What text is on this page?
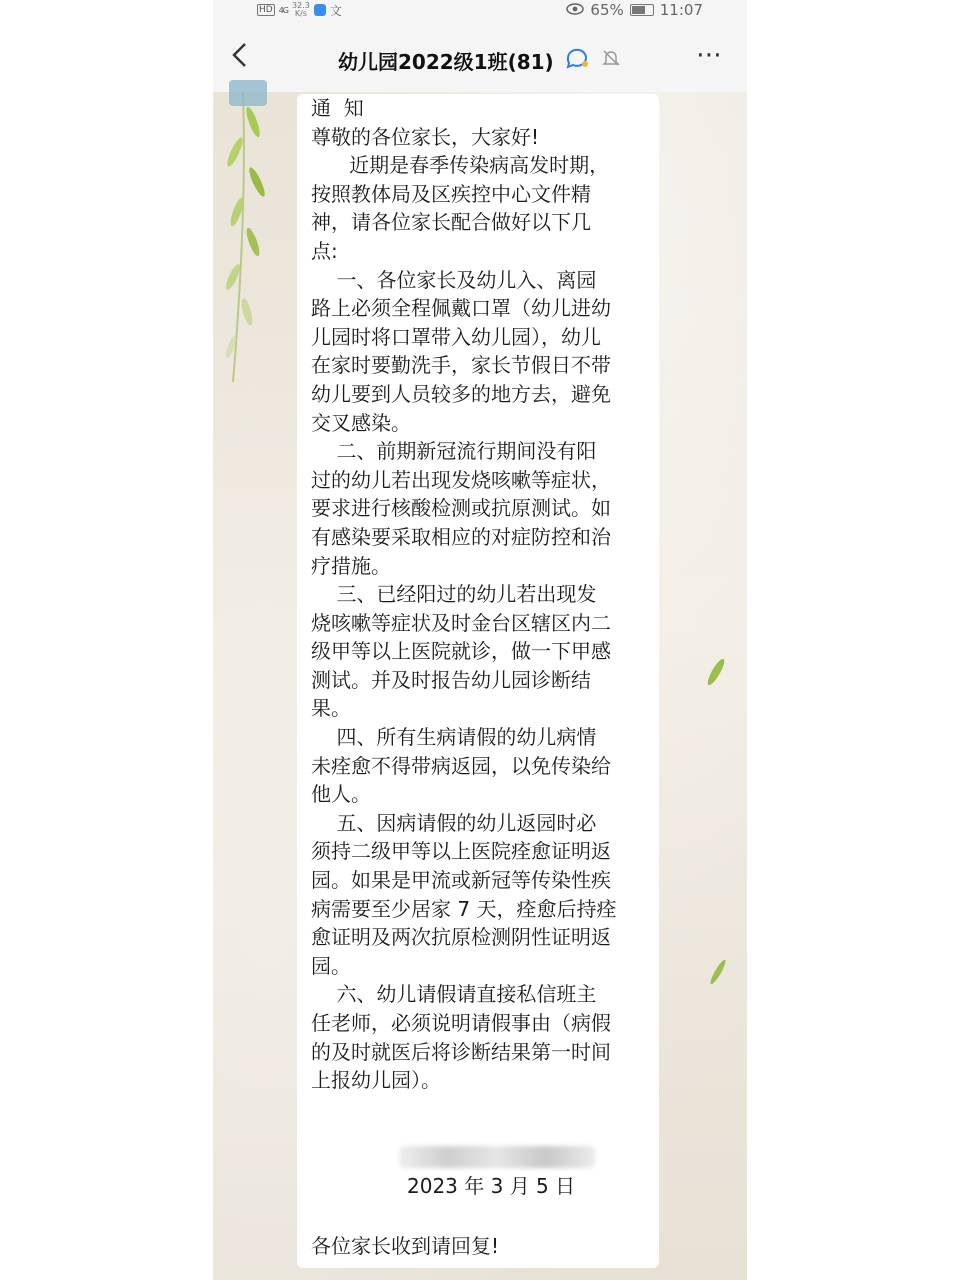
HD 4G 32.3
K/s 文	65% 11:07
幼儿园2022级1班(81)	⋯
通  知
尊敬的各位家长，大家好!
近期是春季传染病高发时期，
按照教体局及区疾控中心文件精
神，请各位家长配合做好以下几
点:
一、各位家长及幼儿入、离园
路上必须全程佩戴口罩（幼儿进幼
儿园时将口罩带入幼儿园），幼儿
在家时要勤洗手，家长节假日不带
幼儿要到人员较多的地方去，避免
交叉感染。
二、前期新冠流行期间没有阳
过的幼儿若出现发烧咳嗽等症状，
要求进行核酸检测或抗原测试。如
有感染要采取相应的对症防控和治
疗措施。
三、已经阳过的幼儿若出现发
烧咳嗽等症状及时金台区辖区内二
级甲等以上医院就诊，做一下甲感
测试。并及时报告幼儿园诊断结
果。
四、所有生病请假的幼儿病情
未痊愈不得带病返园，以免传染给
他人。
五、因病请假的幼儿返园时必
须持二级甲等以上医院痊愈证明返
园。如果是甲流或新冠等传染性疾
病需要至少居家 7 天，痊愈后持痊
愈证明及两次抗原检测阴性证明返
园。
六、幼儿请假请直接私信班主
任老师，必须说明请假事由（病假
的及时就医后将诊断结果第一时间
上报幼儿园）。
2023 年 3 月 5 日
各位家长收到请回复!
